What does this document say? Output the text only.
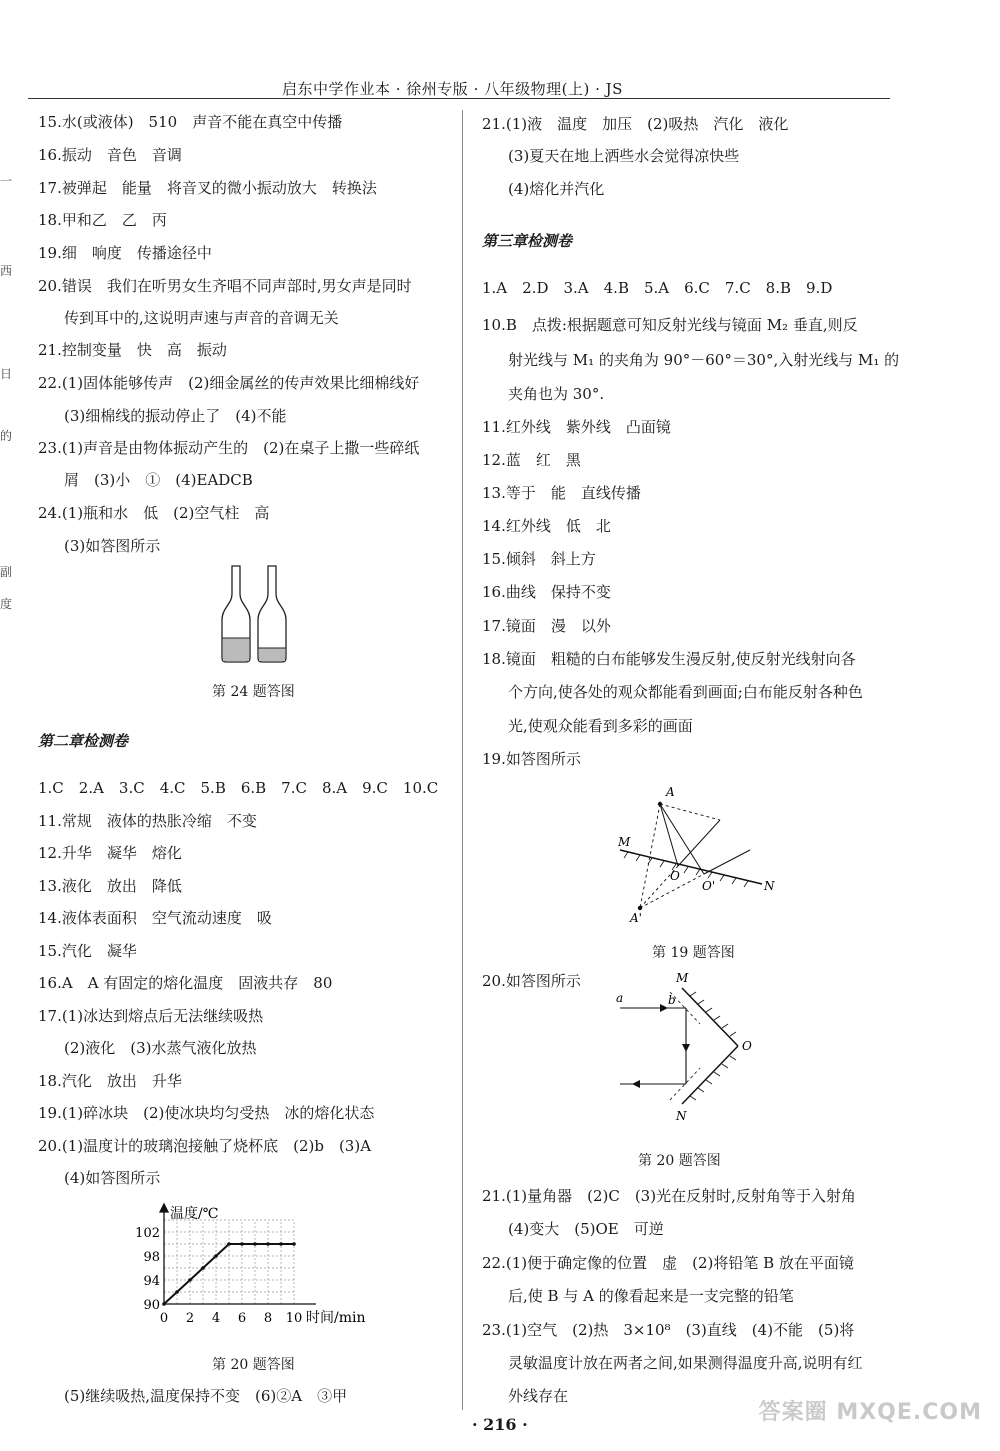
启东中学作业本 · 徐州专版 · 八年级物理(上) · JS
一
西
日
的
副
度
15.水(或液体)　510　声音不能在真空中传播
16.振动　音色　音调
17.被弹起　能量　将音叉的微小振动放大　转换法
18.甲和乙　乙　丙
19.细　响度　传播途径中
20.错误　我们在听男女生齐唱不同声部时,男女声是同时
传到耳中的,这说明声速与声音的音调无关
21.控制变量　快　高　振动
22.(1)固体能够传声　(2)细金属丝的传声效果比细棉线好
(3)细棉线的振动停止了　(4)不能
23.(1)声音是由物体振动产生的　(2)在桌子上撒一些碎纸
屑　(3)小　①　(4)EADCB
24.(1)瓶和水　低　(2)空气柱　高
(3)如答图所示
第 24 题答图
第二章检测卷
1.C　2.A　3.C　4.C　5.B　6.B　7.C　8.A　9.C　10.C
11.常规　液体的热胀冷缩　不变
12.升华　凝华　熔化
13.液化　放出　降低
14.液体表面积　空气流动速度　吸
15.汽化　凝华
16.A　A 有固定的熔化温度　固液共存　80
17.(1)冰达到熔点后无法继续吸热
(2)液化　(3)水蒸气液化放热
18.汽化　放出　升华
19.(1)碎冰块　(2)使冰块均匀受热　冰的熔化状态
20.(1)温度计的玻璃泡接触了烧杯底　(2)b　(3)A
(4)如答图所示
102
98
94
90
0 2 4 6 8 10
温度/℃
时间/min
第 20 题答图
(5)继续吸热,温度保持不变　(6)②A　③甲
21.(1)液　温度　加压　(2)吸热　汽化　液化
(3)夏天在地上洒些水会觉得凉快些
(4)熔化并汽化
第三章检测卷
1.A　2.D　3.A　4.B　5.A　6.C　7.C　8.B　9.D
10.B　点拨:根据题意可知反射光线与镜面 M₂ 垂直,则反
射光线与 M₁ 的夹角为 90°－60°＝30°,入射光线与 M₁ 的
夹角也为 30°.
11.红外线　紫外线　凸面镜
12.蓝　红　黑
13.等于　能　直线传播
14.红外线　低　北
15.倾斜　斜上方
16.曲线　保持不变
17.镜面　漫　以外
18.镜面　粗糙的白布能够发生漫反射,使反射光线射向各
个方向,使各处的观众都能看到画面;白布能反射各种色
光,使观众能看到多彩的画面
19.如答图所示
A
M
O
O'	N
A'
第 19 题答图
20.如答图所示	M
a	b
O
N
第 20 题答图
21.(1)量角器　(2)C　(3)光在反射时,反射角等于入射角
(4)变大　(5)OE　可逆
22.(1)便于确定像的位置　虚　(2)将铅笔 B 放在平面镜
后,使 B 与 A 的像看起来是一支完整的铅笔
23.(1)空气　(2)热　3×10⁸　(3)直线　(4)不能　(5)将
灵敏温度计放在两者之间,如果测得温度升高,说明有红
外线存在
· 216 ·	答案圈 MXQE.COM
